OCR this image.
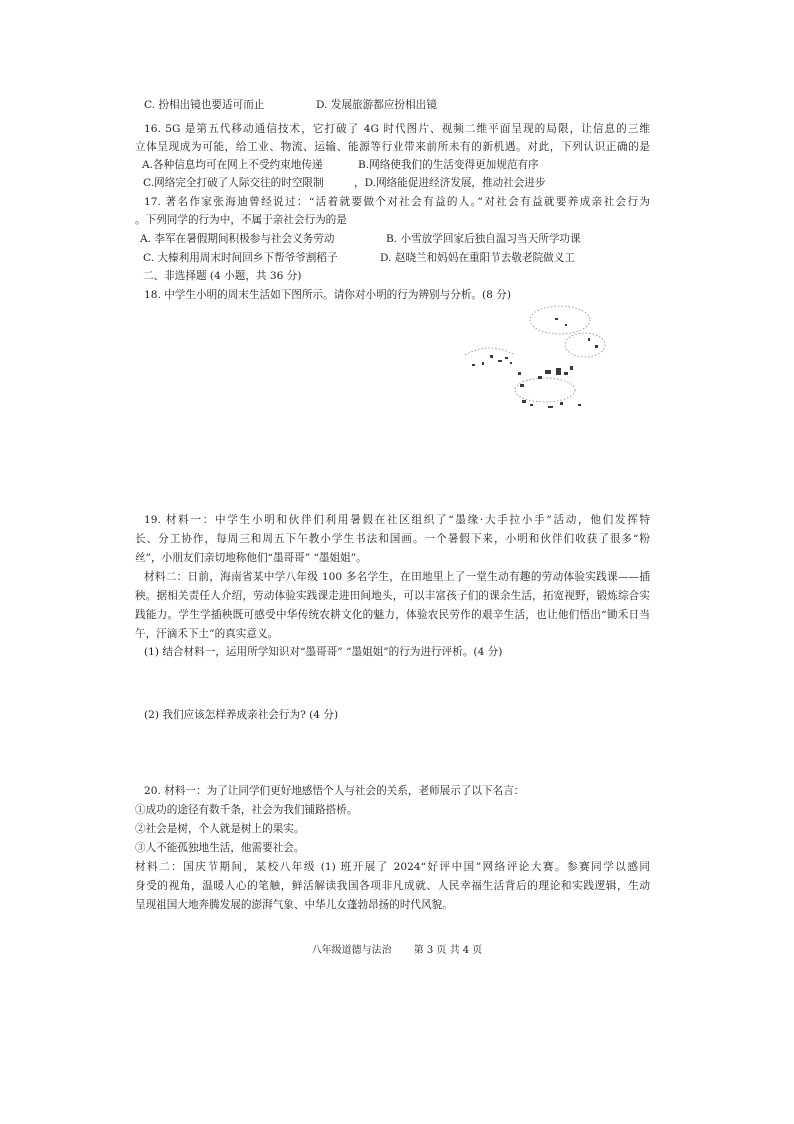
C. 扮相出镜也要适可而止	D. 发展旅游都应扮相出镜
16. 5G 是第五代移动通信技术，它打破了 4G 时代图片、视频二维平面呈现的局限，让信息的三维
立体呈现成为可能，给工业、物流、运输、能源等行业带来前所未有的新机遇。对此，下列认识正确的是
A.各种信息均可在网上不受约束地传递	B.网络使我们的生活变得更加规范有序
C.网络完全打破了人际交往的时空限制	，D.网络能促进经济发展，推动社会进步
17. 著名作家张海迪曾经说过：“活着就要做个对社会有益的人。”对社会有益就要养成亲社会行为
。下列同学的行为中，不属于亲社会行为的是
A. 李军在暑假期间积极参与社会义务劳动	B. 小雪放学回家后独自温习当天所学功课
C. 大榛利用周末时间回乡下帮爷爷割稻子	D. 赵晓兰和妈妈在重阳节去敬老院做义工
二、非选择题 (4 小题，共 36 分)
18. 中学生小明的周末生活如下图所示。请你对小明的行为辨别与分析。(8 分)
19. 材料一：中学生小明和伙伴们利用暑假在社区组织了“墨缘·大手拉小手”活动，他们发挥特
长、分工协作，每周三和周五下午教小学生书法和国画。一个暑假下来，小明和伙伴们收获了很多“粉
丝”，小朋友们亲切地称他们“墨哥哥” “墨姐姐”。
材料二：日前，海南省某中学八年级 100 多名学生，在田地里上了一堂生动有趣的劳动体验实践课——插
秧。据相关责任人介绍，劳动体验实践课走进田间地头，可以丰富孩子们的课余生活，拓宽视野，锻炼综合实
践能力。学生学插秧既可感受中华传统农耕文化的魅力，体验农民劳作的艰辛生活，也让他们悟出“锄禾日当
午，汗滴禾下土”的真实意义。
(1) 结合材料一，运用所学知识对“墨哥哥” “墨姐姐”的行为进行评析。(4 分)
(2) 我们应该怎样养成亲社会行为? (4 分)
20. 材料一：为了让同学们更好地感悟个人与社会的关系，老师展示了以下名言：
①成功的途径有数千条，社会为我们铺路搭桥。
②社会是树，个人就是树上的果实。
③人不能孤独地生活，他需要社会。
材料二：国庆节期间，某校八年级 (1) 班开展了 2024“好评中国”网络评论大赛。参赛同学以感同
身受的视角，温暖人心的笔触，鲜活解读我国各项非凡成就、人民幸福生活背后的理论和实践逻辑，生动
呈现祖国大地奔腾发展的澎湃气象、中华儿女蓬勃昂扬的时代风貌。
八年级道德与法治 第 3 页 共 4 页
